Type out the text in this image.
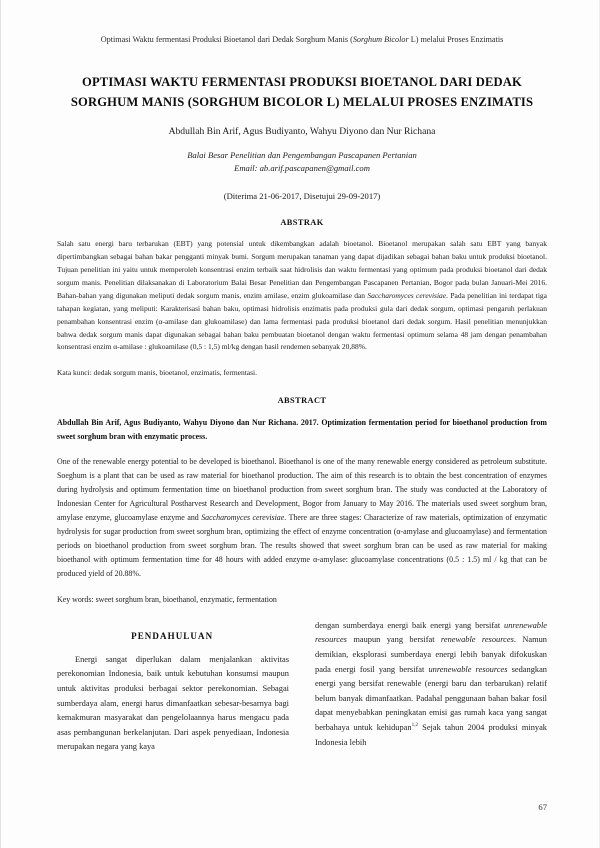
Optimasi Waktu fermentasi Produksi Bioetanol dari Dedak Sorghum Manis (Sorghum Bicolor L) melalui Proses Enzimatis
OPTIMASI WAKTU FERMENTASI PRODUKSI BIOETANOL DARI DEDAK SORGHUM MANIS (SORGHUM BICOLOR L) MELALUI PROSES ENZIMATIS
Abdullah Bin Arif, Agus Budiyanto, Wahyu Diyono dan Nur Richana
Balai Besar Penelitian dan Pengembangan Pascapanen Pertanian
Email: ab.arif.pascapanen@gmail.com
(Diterima 21-06-2017, Disetujui 29-09-2017)
ABSTRAK
Salah satu energi baru terbarukan (EBT) yang potensial untuk dikembangkan adalah bioetanol. Bioetanol merupakan salah satu EBT yang banyak dipertimbangkan sebagai bahan bakar pengganti minyak bumi. Sorgum merupakan tanaman yang dapat dijadikan sebagai bahan baku untuk produksi bioetanol. Tujuan penelitian ini yaitu untuk memperoleh konsentrasi enzim terbaik saat hidrolisis dan waktu fermentasi yang optimum pada produksi bioetanol dari dedak sorgum manis. Penelitian dilaksanakan di Laboratorium Balai Besar Penelitian dan Pengembangan Pascapanen Pertanian, Bogor pada bulan Januari-Mei 2016. Bahan-bahan yang digunakan meliputi dedak sorgum manis, enzim amilase, enzim glukoamilase dan Saccharomyces cerevisiae. Pada penelitian ini terdapat tiga tahapan kegiatan, yang meliputi: Karakterisasi bahan baku, optimasi hidrolisis enzimatis pada produksi gula dari dedak sorgum, optimasi pengaruh perlakuan penambahan konsentrasi enzim (α-amilase dan glukoamilase) dan lama fermentasi pada produksi bioetanol dari dedak sorgum. Hasil penelitian menunjukkan bahwa dedak sorgum manis dapat digunakan sebagai bahan baku pembuatan bioetanol dengan waktu fermentasi optimum selama 48 jam dengan penambahan konsentrasi enzim α-amilase : glukoamilase (0,5 : 1,5) ml/kg dengan hasil rendemen sebanyak 20,88%.
Kata kunci: dedak sorgum manis, bioetanol, enzimatis, fermentasi.
ABSTRACT
Abdullah Bin Arif, Agus Budiyanto, Wahyu Diyono dan Nur Richana. 2017. Optimization fermentation period for bioethanol production from sweet sorghum bran with enzymatic process.
One of the renewable energy potential to be developed is bioethanol. Bioethanol is one of the many renewable energy considered as petroleum substitute. Soeghum is a plant that can be used as raw material for bioethanol production. The aim of this research is to obtain the best concentration of enzymes during hydrolysis and optimum fermentation time on bioethanol production from sweet sorghum bran. The study was conducted at the Laboratory of Indonesian Center for Agricultural Postharvest Research and Development, Bogor from January to May 2016. The materials used sweet sorghum bran, amylase enzyme, glucoamylase enzyme and Saccharomyces cerevisiae. There are three stages: Characterize of raw materials, optimization of enzymatic hydrolysis for sugar production from sweet sorghum bran, optimizing the effect of enzyme concentration (α-amylase and glucoamylase) and fermentation periods on bioethanol production from sweet sorghum bran. The results showed that sweet sorghum bran can be used as raw material for making bioethanol with optimum fermentation time for 48 hours with added enzyme α-amylase: glucoamylase concentrations (0.5 : 1.5) ml / kg that can be produced yield of 20.88%.
Key words: sweet sorghum bran, bioethanol, enzymatic, fermentation
PENDAHULUAN

Energi sangat diperlukan dalam menjalankan aktivitas perekonomian Indonesia, baik untuk kebutuhan konsumsi maupun untuk aktivitas produksi berbagai sektor perekonomian. Sebagai sumberdaya alam, energi harus dimanfaatkan sebesar-besarnya bagi kemakmuran masyarakat dan pengelolaannya harus mengacu pada asas pembangunan berkelanjutan. Dari aspek penyediaan, Indonesia merupakan negara yang kaya

dengan sumberdaya energi baik energi yang bersifat unrenewable resources maupun yang bersifat renewable resources. Namun demikian, eksplorasi sumberdaya energi lebih banyak difokuskan pada energi fosil yang bersifat unrenewable resources sedangkan energi yang bersifat renewable (energi baru dan terbarukan) relatif belum banyak dimanfaatkan. Padahal penggunaan bahan bakar fosil dapat menyebabkan peningkatan emisi gas rumah kaca yang sangat berbahaya untuk kehidupan$^{1,2}$ Sejak tahun 2004 produksi minyak Indonesia lebih

67
